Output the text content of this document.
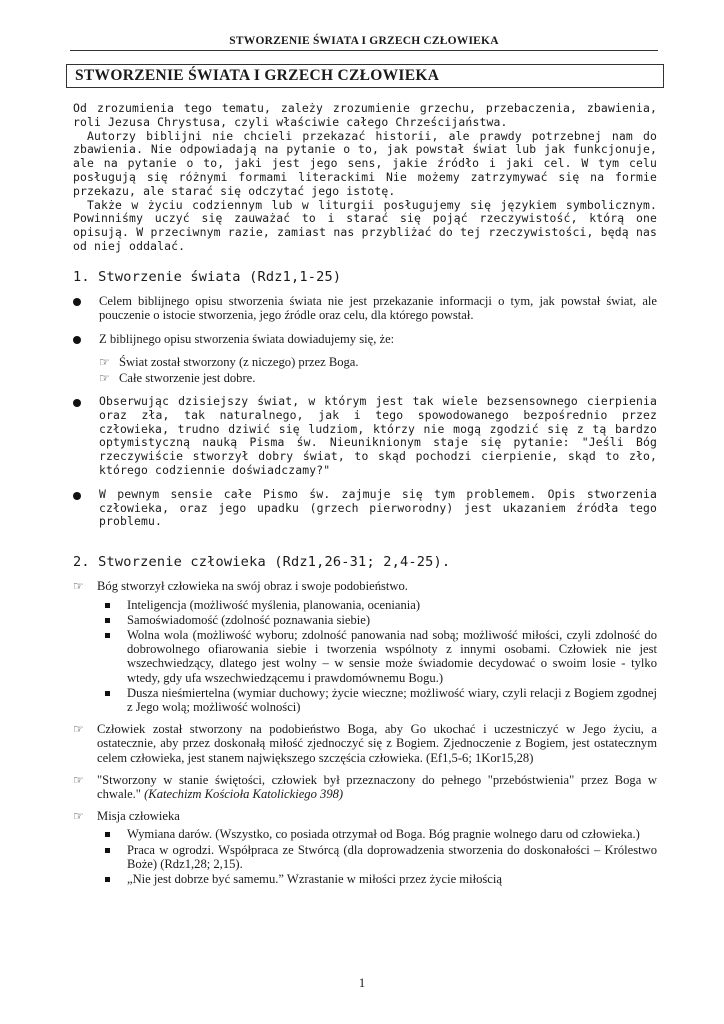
STWORZENIE ŚWIATA I GRZECH CZŁOWIEKA
STWORZENIE ŚWIATA I GRZECH CZŁOWIEKA

Od zrozumienia tego tematu, zależy zrozumienie grzechu, przebaczenia, zbawienia, roli Jezusa Chrystusa, czyli właściwie całego Chrześcijaństwa.

Autorzy biblijni nie chcieli przekazać historii, ale prawdy potrzebnej nam do zbawienia. Nie odpowiadają na pytanie o to, jak powstał świat lub jak funkcjonuje, ale na pytanie o to, jaki jest jego sens, jakie źródło i jaki cel. W tym celu posługują się różnymi formami literackimi Nie możemy zatrzymywać się na formie przekazu, ale starać się odczytać jego istotę.

Także w życiu codziennym lub w liturgii posługujemy się językiem symbolicznym. Powinniśmy uczyć się zauważać to i starać się pojąć rzeczywistość, którą one opisują. W przeciwnym razie, zamiast nas przybliżać do tej rzeczywistości, będą nas od niej oddalać.

1. Stworzenie świata (Rdz1,1-25)

Celem biblijnego opisu stworzenia świata nie jest przekazanie informacji o tym, jak powstał świat, ale pouczenie o istocie stworzenia, jego źródle oraz celu, dla którego powstał.

Z biblijnego opisu stworzenia świata dowiadujemy się, że:

☞ Świat został stworzony (z niczego) przez Boga.
☞ Całe stworzenie jest dobre.

Obserwując dzisiejszy świat, w którym jest tak wiele bezsensownego cierpienia oraz zła, tak naturalnego, jak i tego spowodowanego bezpośrednio przez człowieka, trudno dziwić się ludziom, którzy nie mogą zgodzić się z tą bardzo optymistyczną nauką Pisma św. Nieuniknionym staje się pytanie: "Jeśli Bóg rzeczywiście stworzył dobry świat, to skąd pochodzi cierpienie, skąd to zło, którego codziennie doświadczamy?"

W pewnym sensie całe Pismo św. zajmuje się tym problemem. Opis stworzenia człowieka, oraz jego upadku (grzech pierworodny) jest ukazaniem źródła tego problemu.

2. Stworzenie człowieka (Rdz1,26-31; 2,4-25).
☞ Bóg stworzył człowieka na swój obraz i swoje podobieństwo.

Inteligencja (możliwość myślenia, planowania, oceniania)

Samoświadomość (zdolność poznawania siebie)

Wolna wola (możliwość wyboru; zdolność panowania nad sobą; możliwość miłości, czyli zdolność do dobrowolnego ofiarowania siebie i tworzenia wspólnoty z innymi osobami. Człowiek nie jest wszechwiedzący, dlatego jest wolny – w sensie może świadomie decydować o swoim losie - tylko wtedy, gdy ufa wszechwiedzącemu i prawdomównemu Bogu.)

Dusza nieśmiertelna (wymiar duchowy; życie wieczne; możliwość wiary, czyli relacji z Bogiem zgodnej z Jego wolą; możliwość wolności)

☞ Człowiek został stworzony na podobieństwo Boga, aby Go ukochać i uczestniczyć w Jego życiu, a ostatecznie, aby przez doskonałą miłość zjednoczyć się z Bogiem. Zjednoczenie z Bogiem, jest ostatecznym celem człowieka, jest stanem największego szczęścia człowieka. (Ef1,5-6; 1Kor15,28)

☞ "Stworzony w stanie świętości, człowiek był przeznaczony do pełnego "przebóstwienia" przez Boga w chwale." (Katechizm Kościoła Katolickiego 398)

☞ Misja człowieka

Wymiana darów. (Wszystko, co posiada otrzymał od Boga. Bóg pragnie wolnego daru od człowieka.)

Praca w ogrodzi. Współpraca ze Stwórcą (dla doprowadzenia stworzenia do doskonałości – Królestwo Boże) (Rdz1,28; 2,15).

„Nie jest dobrze być samemu.” Wzrastanie w miłości przez życie miłością

1
